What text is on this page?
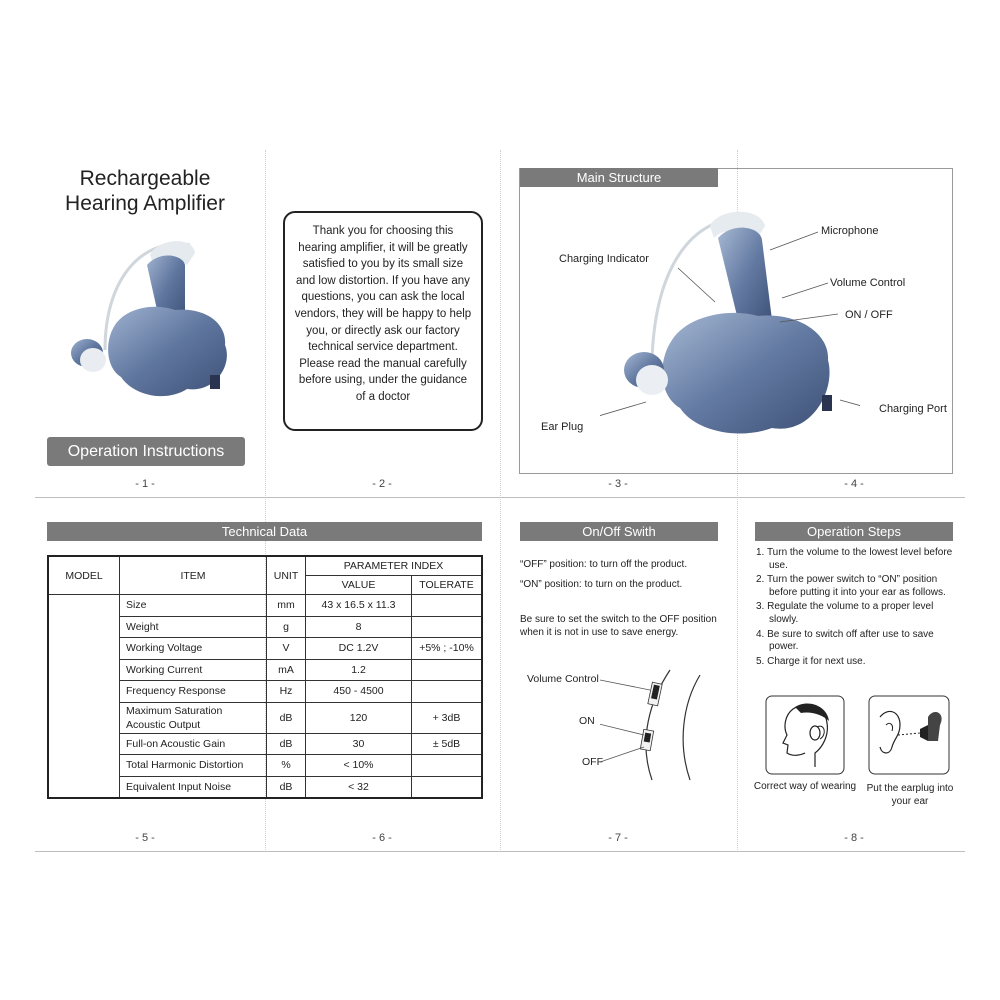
Rechargeable
Hearing Amplifier
Operation Instructions
- 1 -
Thank you for choosing this hearing amplifier, it will be greatly satisfied to you by its small size and low distortion. If you have any questions, you can ask the local vendors, they will be happy to help you, or directly ask our factory technical service department. Please read the manual carefully before using, under the guidance of a doctor
- 2 -
Main Structure
Microphone
Charging Indicator
Volume Control
ON / OFF
Ear Plug
Charging Port
- 3 -	- 4 -
Technical Data
MODEL	ITEM	UNIT	PARAMETER INDEX	
			VALUE	TOLERATE
	Size	mm	43 x 16.5 x 11.3	
	Weight	g	8	
	Working Voltage	V	DC 1.2V	+5% ; -10%
	Working Current	mA	1.2	
	Frequency Response	Hz	450 - 4500	
	Maximum Saturation Acoustic Output	dB	120	+ 3dB
	Full-on Acoustic Gain	dB	30	± 5dB
	Total Harmonic Distortion	%	< 10%	
	Equivalent Input Noise	dB	< 32	
- 5 -	- 6 -
On/Off Swith
“OFF” position: to turn off the product.
“ON” position: to turn on the product.
Be sure to set the switch to the OFF position when it is not in use to save energy.
Volume Control
ON
OFF
- 7 -
Operation Steps
1. Turn the volume to the lowest level before use.
2. Turn the power switch to “ON” position before putting it into your ear as follows.
3. Regulate the volume to a proper level slowly.
4. Be sure to switch off after use to save power.
5. Charge it for next use.
Correct way of wearing Put the earplug into your ear
- 8 -
